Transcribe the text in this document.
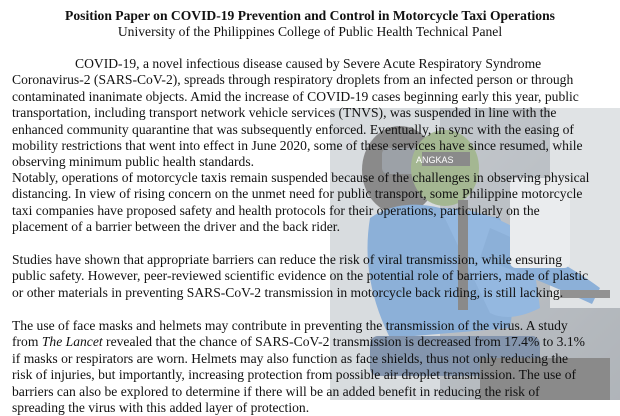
ANGKAS
Position Paper on COVID-19 Prevention and Control in Motorcycle Taxi Operations
University of the Philippines College of Public Health Technical Panel
COVID-19, a novel infectious disease caused by Severe Acute Respiratory Syndrome
Coronavirus-2 (SARS-CoV-2), spreads through respiratory droplets from an infected person or through
contaminated inanimate objects. Amid the increase of COVID-19 cases beginning early this year, public
transportation, including transport network vehicle services (TNVS), was suspended in line with the
enhanced community quarantine that was subsequently enforced. Eventually, in sync with the easing of
mobility restrictions that went into effect in June 2020, some of these services have since resumed, while
observing minimum public health standards.
Notably, operations of motorcycle taxis remain suspended because of the challenges in observing physical
distancing. In view of rising concern on the unmet need for public transport, some Philippine motorcycle
taxi companies have proposed safety and health protocols for their operations, particularly on the
placement of a barrier between the driver and the back rider.
Studies have shown that appropriate barriers can reduce the risk of viral transmission, while ensuring
public safety. However, peer-reviewed scientific evidence on the potential role of barriers, made of plastic
or other materials in preventing SARS-CoV-2 transmission in motorcycle back riding, is still lacking.
The use of face masks and helmets may contribute in preventing the transmission of the virus. A study
from The Lancet revealed that the chance of SARS-CoV-2 transmission is decreased from 17.4% to 3.1%
if masks or respirators are worn. Helmets may also function as face shields, thus not only reducing the
risk of injuries, but importantly, increasing protection from possible air droplet transmission. The use of
barriers can also be explored to determine if there will be an added benefit in reducing the risk of
spreading the virus with this added layer of protection.
